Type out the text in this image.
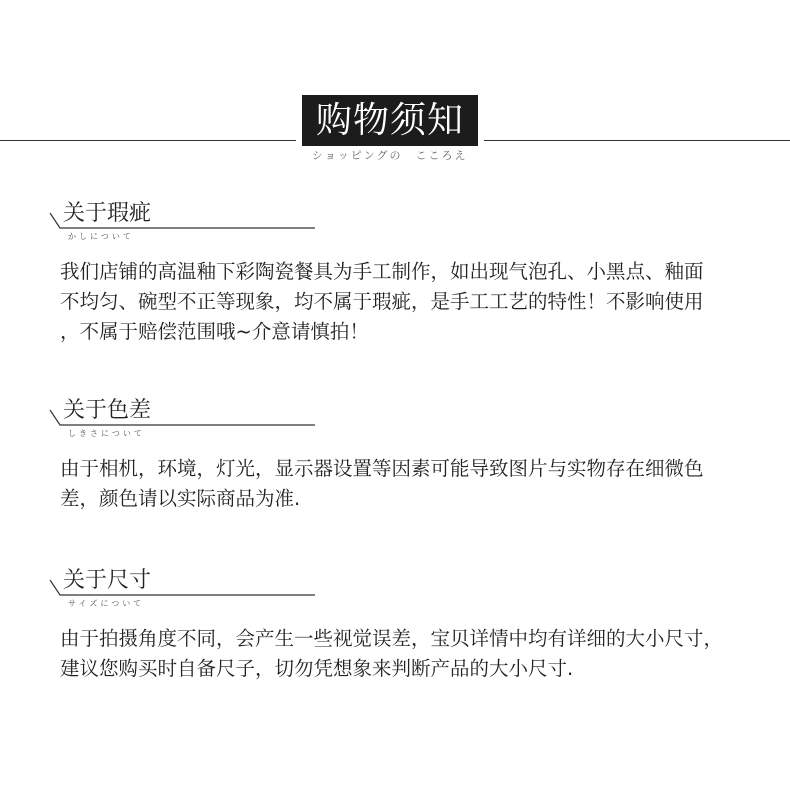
购物须知
ショッピングの　こころえ
关于瑕疵
かしについて
我们店铺的高温釉下彩陶瓷餐具为手工制作，如出现气泡孔、小黑点、釉面
不均匀、碗型不正等现象，均不属于瑕疵，是手工工艺的特性！不影响使用
，不属于赔偿范围哦~介意请慎拍！
关于色差
しきさについて
由于相机，环境，灯光，显示器设置等因素可能导致图片与实物存在细微色
差，颜色请以实际商品为准.
关于尺寸
サイズについて
由于拍摄角度不同，会产生一些视觉误差，宝贝详情中均有详细的大小尺寸，
建议您购买时自备尺子，切勿凭想象来判断产品的大小尺寸.
